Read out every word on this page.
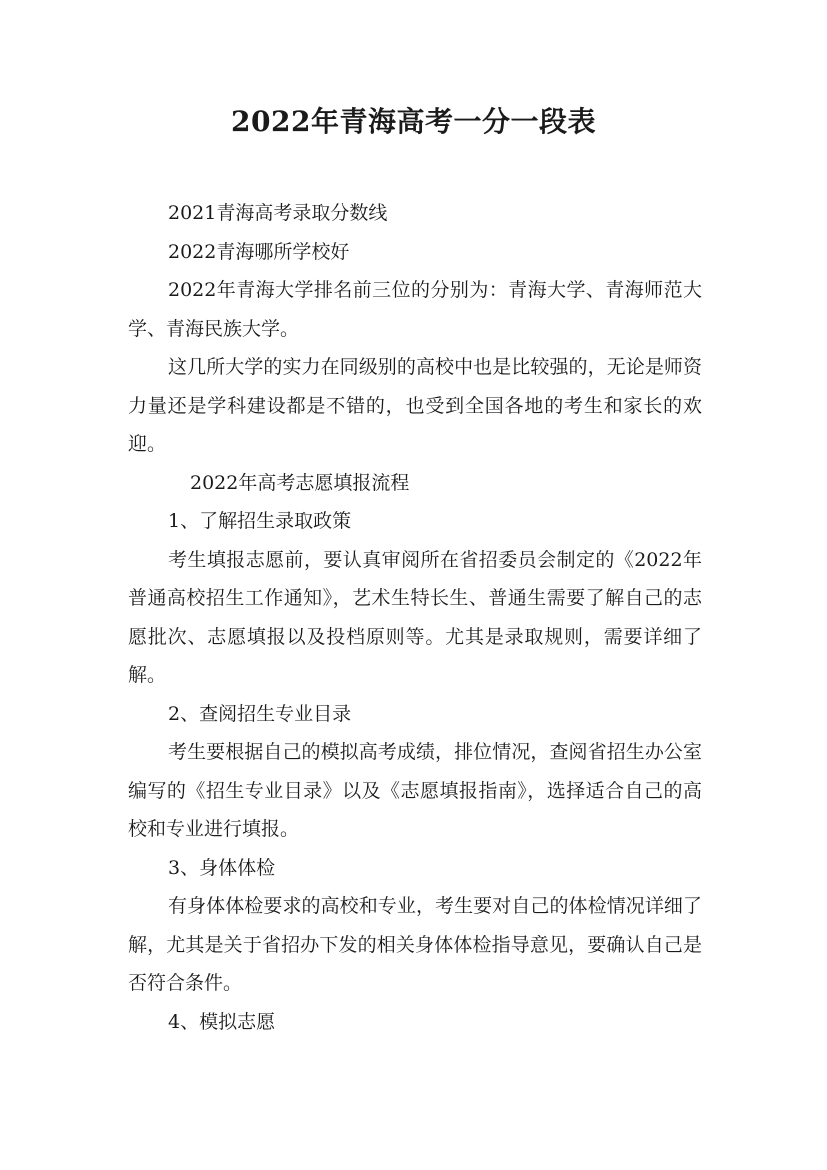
2022年青海高考一分一段表

2021青海高考录取分数线

2022青海哪所学校好

2022年青海大学排名前三位的分别为：青海大学、青海师范大学、青海民族大学。

这几所大学的实力在同级别的高校中也是比较强的，无论是师资力量还是学科建设都是不错的，也受到全国各地的考生和家长的欢迎。

2022年高考志愿填报流程

1、了解招生录取政策

考生填报志愿前，要认真审阅所在省招委员会制定的《2022年普通高校招生工作通知》，艺术生特长生、普通生需要了解自己的志愿批次、志愿填报以及投档原则等。尤其是录取规则，需要详细了解。

2、查阅招生专业目录

考生要根据自己的模拟高考成绩，排位情况，查阅省招生办公室编写的《招生专业目录》以及《志愿填报指南》，选择适合自己的高校和专业进行填报。

3、身体体检

有身体体检要求的高校和专业，考生要对自己的体检情况详细了解，尤其是关于省招办下发的相关身体体检指导意见，要确认自己是否符合条件。

4、模拟志愿
